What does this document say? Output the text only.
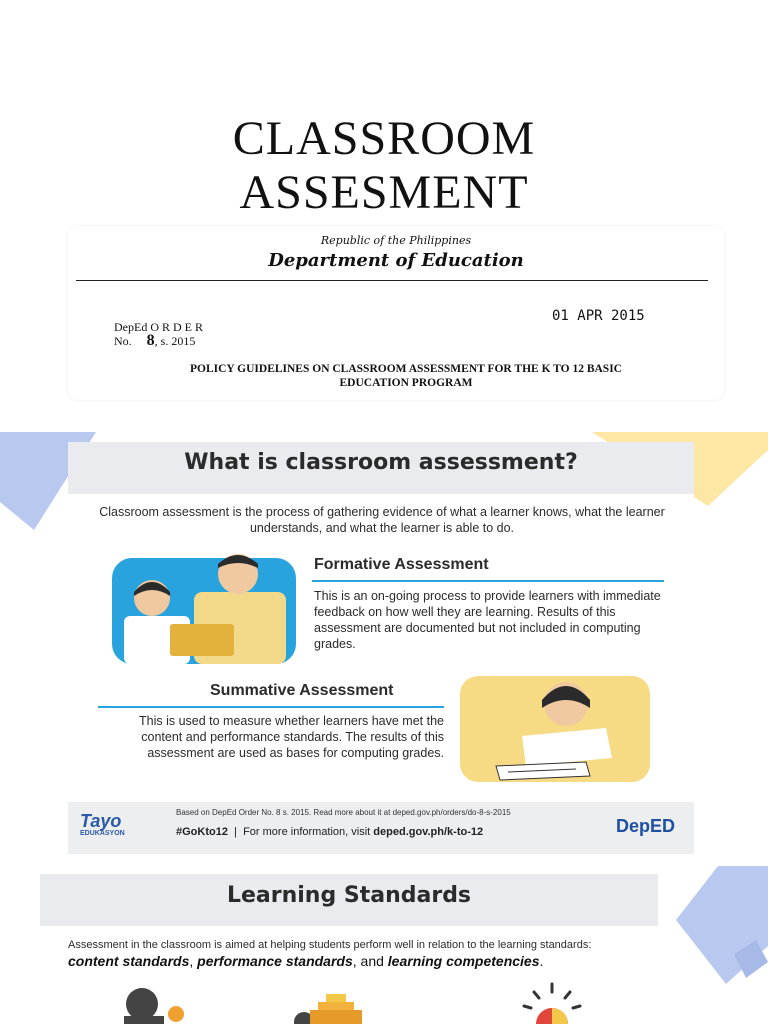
CLASSROOM
ASSESMENT
Republic of the Philippines
Department of Education
01 APR 2015
DepEd O R D E R
No. 8, s. 2015
POLICY GUIDELINES ON CLASSROOM ASSESSMENT FOR THE K TO 12 BASIC
EDUCATION PROGRAM
What is classroom assessment?
Classroom assessment is the process of gathering evidence of what a learner knows, what the learner understands, and what the learner is able to do.
Formative Assessment
This is an on-going process to provide learners with immediate feedback on how well they are learning. Results of this assessment are documented but not included in computing grades.
Summative Assessment
This is used to measure whether learners have met the content and performance standards. The results of this assessment are used as bases for computing grades.
Tayo
EDUKASYON
Based on DepEd Order No. 8 s. 2015. Read more about it at deped.gov.ph/orders/do-8-s-2015
#GoKto12 | For more information, visit deped.gov.ph/k-to-12	DepED
Learning Standards
Assessment in the classroom is aimed at helping students perform well in relation to the learning standards:
content standards, performance standards, and learning competencies.
